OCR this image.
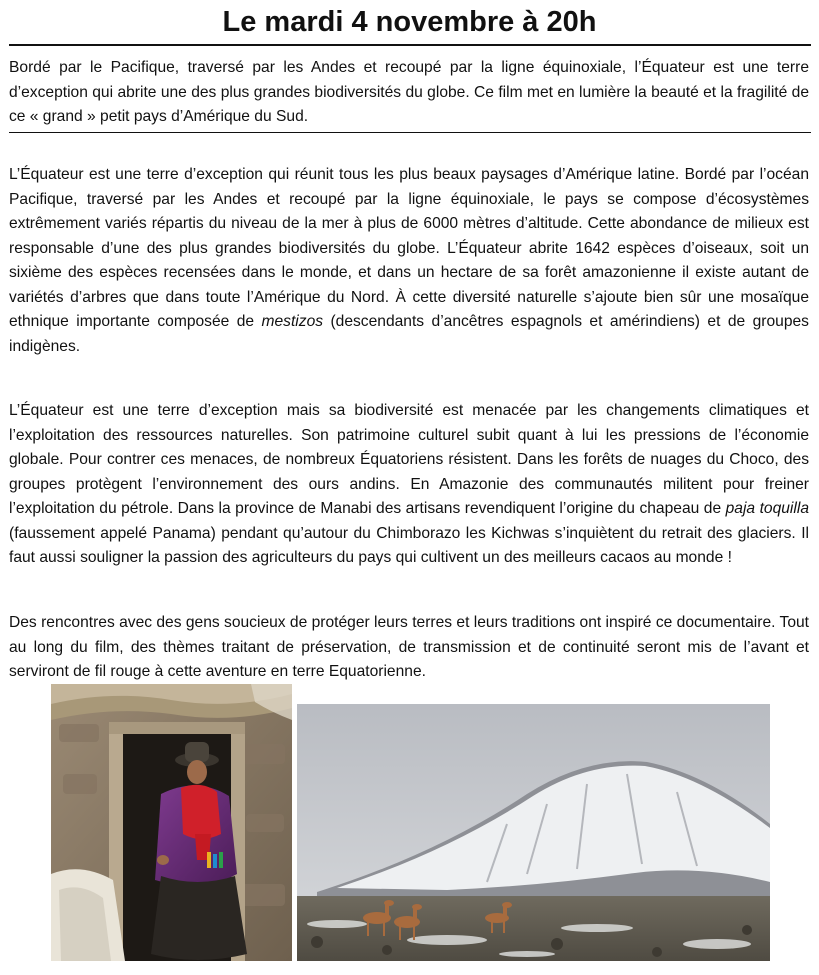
Le mardi 4 novembre à 20h

Bordé par le Pacifique, traversé par les Andes et recoupé par la ligne équinoxiale, l’Équateur est une terre d’exception qui abrite une des plus grandes biodiversités du globe. Ce film met en lumière la beauté et la fragilité de ce « grand » petit pays d’Amérique du Sud.

L’Équateur est une terre d’exception qui réunit tous les plus beaux paysages d’Amérique latine. Bordé par l’océan Pacifique, traversé par les Andes et recoupé par la ligne équinoxiale, le pays se compose d’écosystèmes extrêmement variés répartis du niveau de la mer à plus de 6000 mètres d’altitude. Cette abondance de milieux est responsable d’une des plus grandes biodiversités du globe. L’Équateur abrite 1642 espèces d’oiseaux, soit un sixième des espèces recensées dans le monde, et dans un hectare de sa forêt amazonienne il existe autant de variétés d’arbres que dans toute l’Amérique du Nord. À cette diversité naturelle s’ajoute bien sûr une mosaïque ethnique importante composée de mestizos (descendants d’ancêtres espagnols et amérindiens) et de groupes indigènes.

L’Équateur est une terre d’exception mais sa biodiversité est menacée par les changements climatiques et l’exploitation des ressources naturelles. Son patrimoine culturel subit quant à lui les pressions de l’économie globale. Pour contrer ces menaces, de nombreux Équatoriens résistent. Dans les forêts de nuages du Choco, des groupes protègent l’environnement des ours andins. En Amazonie des communautés militent pour freiner l’exploitation du pétrole. Dans la province de Manabi des artisans revendiquent l’origine du chapeau de paja toquilla (faussement appelé Panama) pendant qu’autour du Chimborazo les Kichwas s’inquiètent du retrait des glaciers. Il faut aussi souligner la passion des agriculteurs du pays qui cultivent un des meilleurs cacaos au monde !

Des rencontres avec des gens soucieux de protéger leurs terres et leurs traditions ont inspiré ce documentaire. Tout au long du film, des thèmes traitant de préservation, de transmission et de continuité seront mis de l’avant et serviront de fil rouge à cette aventure en terre Equatorienne.
